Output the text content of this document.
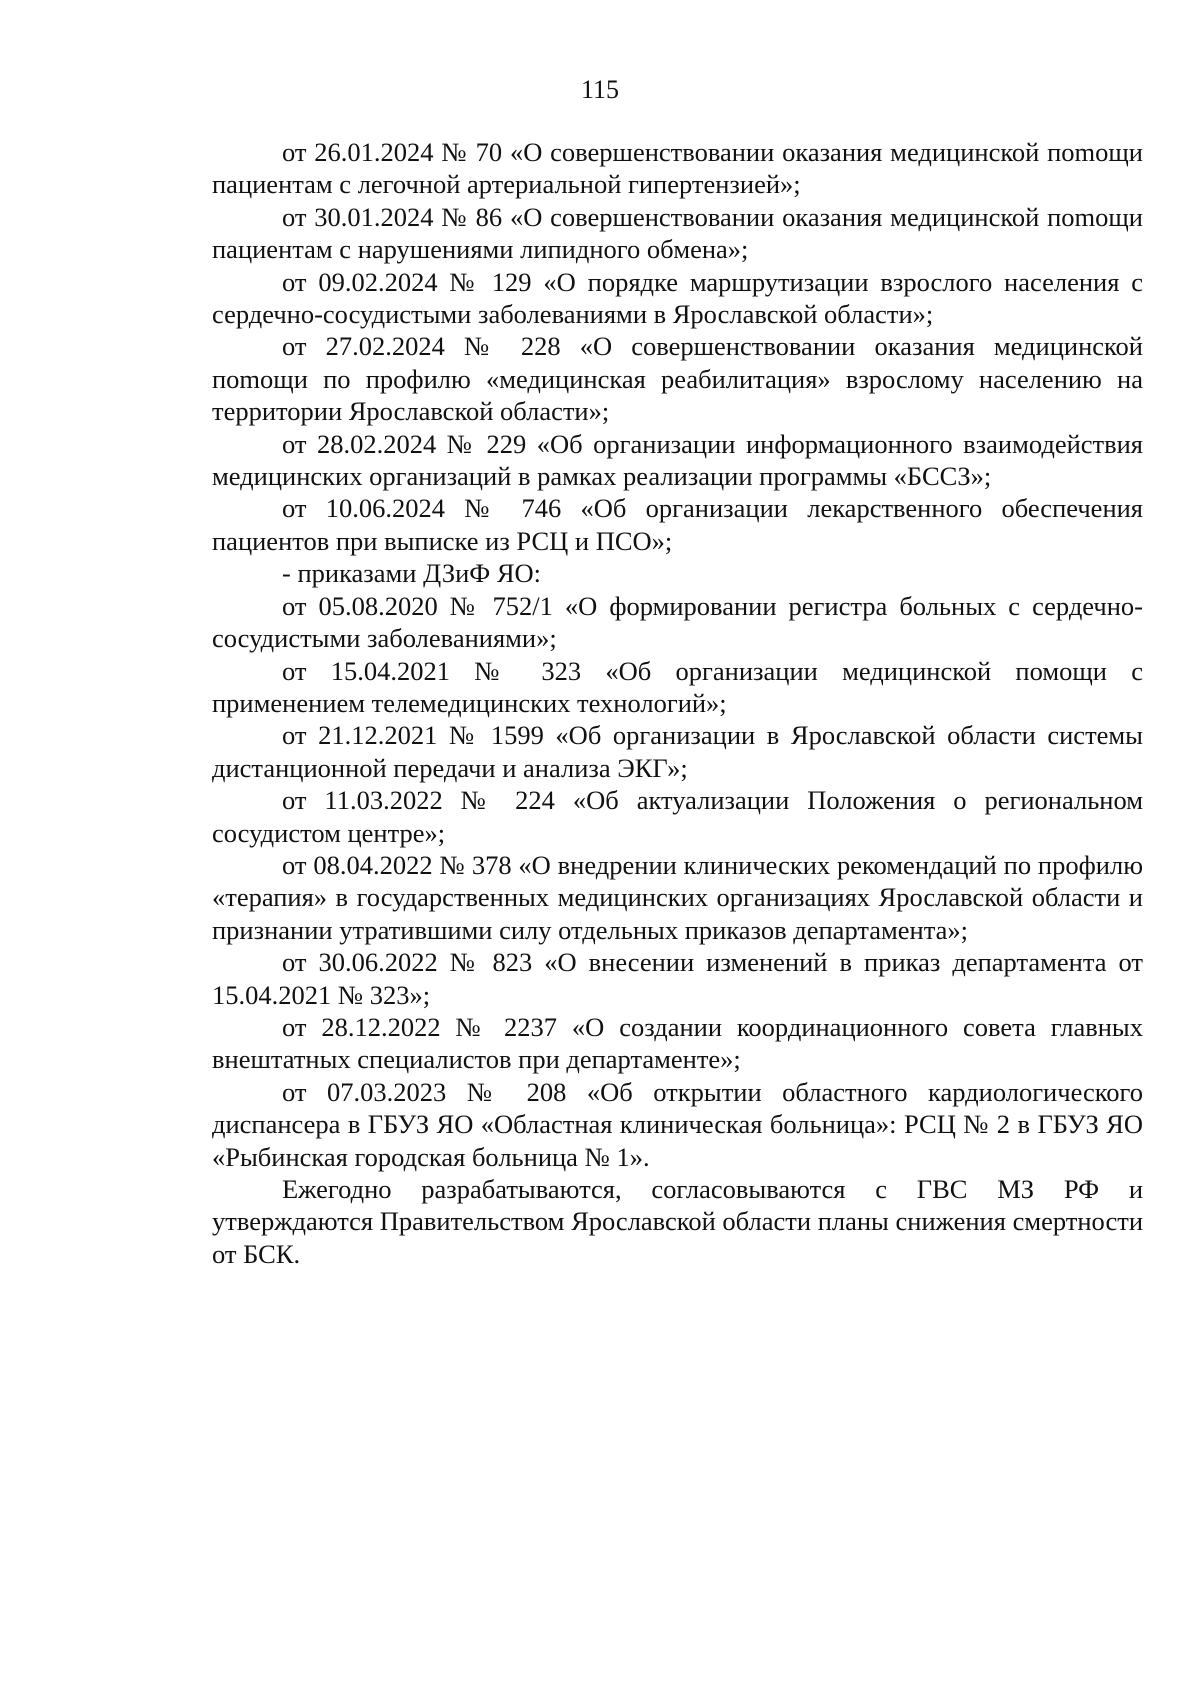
115

от 26.01.2024 № 70 «О совершенствовании оказания медицинской поmощи пациентам с легочной артериальной гипертензией»;

от 30.01.2024 № 86 «О совершенствовании оказания медицинской поmощи пациентам с нарушениями липидного обмена»;

от 09.02.2024 № 129 «О порядке маршрутизации взрослого населения с сердечно-сосудистыми заболеваниями в Ярославской области»;

от 27.02.2024 № 228 «О совершенствовании оказания медицинской поmощи по профилю «медицинская реабилитация» взрослому населению на территории Ярославской области»;

от 28.02.2024 № 229 «Об организации информационного взаимодействия медицинских организаций в рамках реализации программы «БССЗ»;

от 10.06.2024 № 746 «Об организации лекарственного обеспечения пациентов при выписке из РСЦ и ПСО»;

- приказами ДЗиФ ЯО:

от 05.08.2020 № 752/1 «О формировании регистра больных с сердечно-​сосудистыми заболеваниями»;

от 15.04.2021 № 323 «Об организации медицинской помощи с применением телемедицинских технологий»;

от 21.12.2021 № 1599 «Об организации в Ярославской области системы дистанционной передачи и анализа ЭКГ»;

от 11.03.2022 № 224 «Об актуализации Положения о региональном сосудистом центре»;

от 08.04.2022 № 378 «О внедрении клинических рекомендаций по профилю «терапия» в государственных медицинских организациях Ярославской области и признании утратившими силу отдельных приказов департамента»;

от 30.06.2022 № 823 «О внесении изменений в приказ департамента от 15.04.2021 № 323»;

от 28.12.2022 № 2237 «О создании координационного совета главных внештатных специалистов при департаменте»;

от 07.03.2023 № 208 «Об открытии областного кардиологического диспансера в ГБУЗ ЯО «Областная клиническая больница»: РСЦ № 2 в ГБУЗ ЯО «Рыбинская городская больница № 1».

Ежегодно разрабатываются, согласовываются с ГВС МЗ РФ и утверждаются Правительством Ярославской области планы снижения смертности от БСК.
